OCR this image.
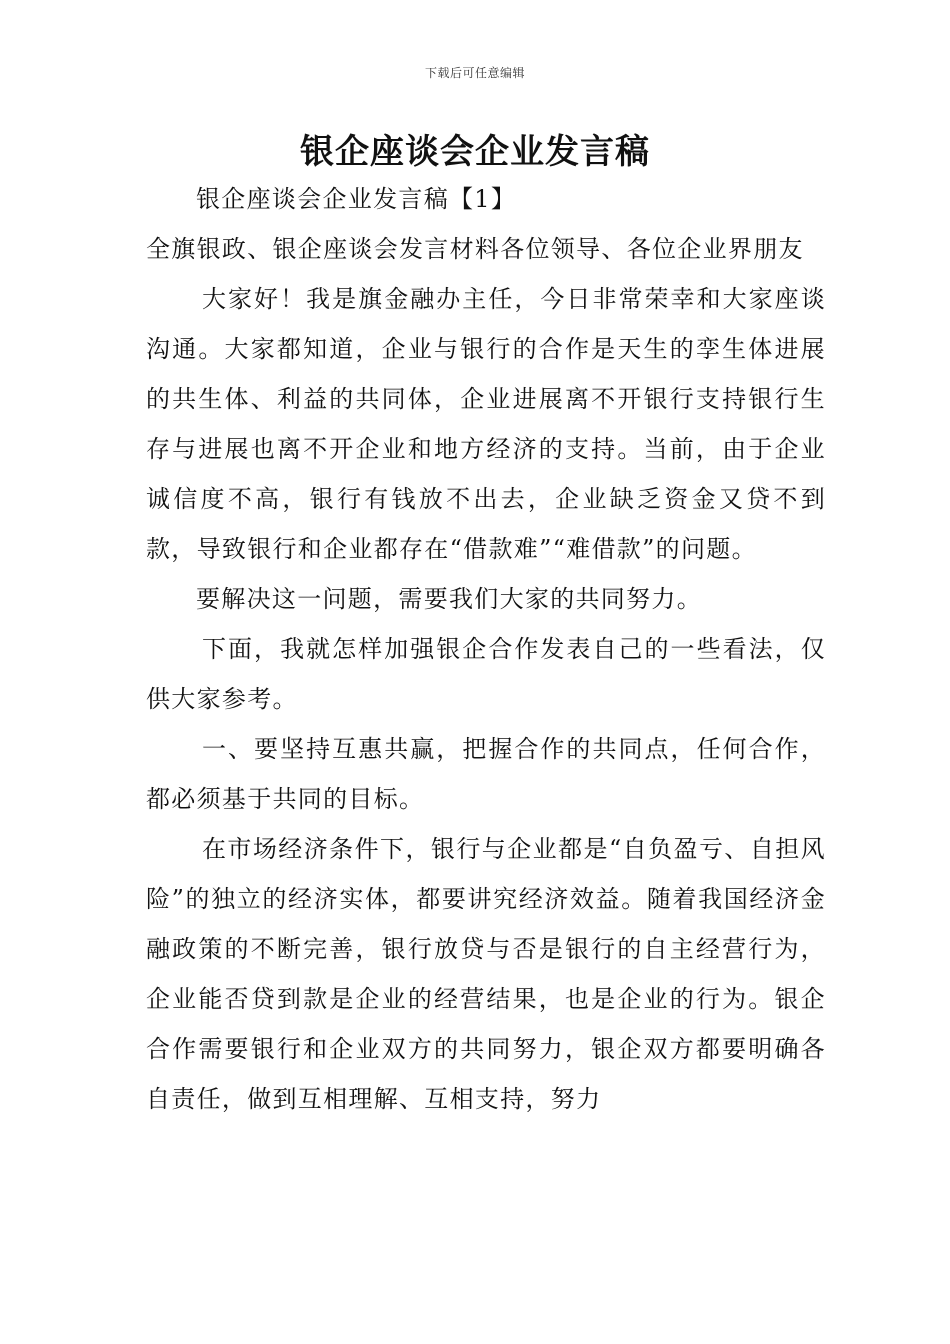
下载后可任意编辑
银企座谈会企业发言稿

银企座谈会企业发言稿【1】

全旗银政、银企座谈会发言材料各位领导、各位企业界朋友

大家好！我是旗金融办主任，今日非常荣幸和大家座谈沟通。大家都知道，企业与银行的合作是天生的孪生体进展的共生体、利益的共同体，企业进展离不开银行支持银行生存与进展也离不开企业和地方经济的支持。当前，由于企业诚信度不高，银行有钱放不出去，企业缺乏资金又贷不到款，导致银行和企业都存在“借款难”“难借款”的问题。

要解决这一问题，需要我们大家的共同努力。

下面，我就怎样加强银企合作发表自己的一些看法，仅供大家参考。

一、要坚持互惠共赢，把握合作的共同点，任何合作，都必须基于共同的目标。

在市场经济条件下，银行与企业都是“自负盈亏、自担风险”的独立的经济实体，都要讲究经济效益。随着我国经济金融政策的不断完善，银行放贷与否是银行的自主经营行为，企业能否贷到款是企业的经营结果，也是企业的行为。银企合作需要银行和企业双方的共同努力，银企双方都要明确各自责任，做到互相理解、互相支持，努力
